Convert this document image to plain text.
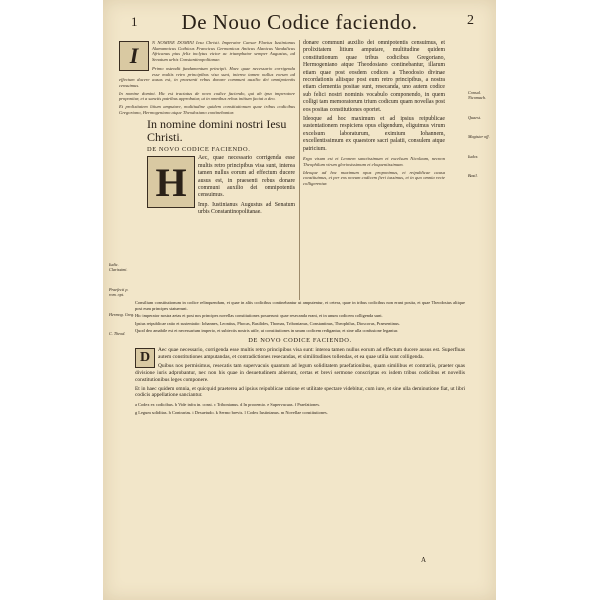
1	De Nouo Codice faciendo.	2
I

N NOMINE DOMINI Iesu Christi. Imperator Caesar Flavius Iustinianus Alamannicus Gothicus Francicus Germanicus Anticus Alanicus Vandalicus Africanus pius felix inclytus victor ac triumphator semper Augustus, ad Senatum urbis Constantinopolitanae.

Primo ostendit fundamentum principii. Haec quae necessario corrigenda esse multis retro principibus visa sunt, interea tamen nullus eorum ad effectum ducere ausus est, in praesenti rebus donare communi auxilio dei omnipotentis censuimus.

In nomine domini. Hic est tractatus de novo codice faciendo, qui ab ipso imperatore proponitur, et a sanctis patribus approbatur, ut in omnibus rebus initium faciat a deo.

Et prolixitatem litium amputare, multitudine quidem constitutionum quae tribus codicibus Gregoriano, Hermogeniano atque Theodosiano continebantur.

In nomine domini nostri Iesu Christi.
DE NOVO CODICE FACIENDO.
H

Aec, quae necessario corrigenda esse multis retro principibus visa sunt, interea tamen nullus eorum ad effectum ducere ausus est, in praesenti rebus donare communi auxilio dei omnipotentis censuimus.

Imp. Iustinianus Augustus ad Senatum urbis Constantinopolitanae.

Iudic. Clarissimi.
Praefecti p. rom. opt.
Hermog. Greg.
C. Theod.

donare communi auxilio dei omnipotentis censuimus, et prolixitatem litium amputare, multitudine quidem constitutionum quae tribus codicibus Gregoriano, Hermogeniano atque Theodosiano continebantur, illarum etiam quae post eosdem codices a Theodosio divinae recordationis aliisque post eum retro principibus, a nostra etiam clementia positae sunt, resecanda, uno autem codice sub felici nostri nominis vocabulo componendo, in quem colligi tam memoratorum trium codicum quam novellas post eos positas constitutiones oportet.

Ideoque ad hoc maximum et ad ipsius reipublicae sustentationem respiciens opus eligendum, eliguimus virum excelsum laboraturum, eximium Iohannem, excellentissimum ex quaestore sacri palatii, consulem atque patricium.

Ergo visum est et Leonem sanctissimum et excelsum Nicolaum, necnon Theophilum virum gloriosissimum et eloquentissimum.

Ideoque ad hoc maximum opus proponimus, et reipublicae causa constituimus, et per eos novum codicem fieri iussimus, et in quo omnia recte colligerentur.

Consul. Nicomach.
Quaest.
Magister off.
Iudex.
Basil.

Consilium constitutionum in codice relinquendum, et quae in aliis codicibus continebantur ut amputentur, et cetera, quae in tribus codicibus non erant posita, et quae Theodosius aliique post eum principes statuerunt.

Hic imperator nostra aetas et post nos principes novellas constitutiones posuerunt: quae resecanda erant, et in unum codicem colligenda sunt.

Ipsius reipublicae ratio et sustentatio: Iohannes, Leontius, Phocas, Basilides, Thomas, Tribonianus, Constantinus, Theophilus, Dioscorus, Praesentinus.

Quod deo amabile est et necessarium imperio, et subiectis nostris utile, ut constitutiones in unum codicem redigantur, et sine ulla confusione legantur.

DE NOVO CODICE FACIENDO.
D	Aec quae necessario, corrigenda esse multis retro principibus visa sunt: interea tamen nullus eorum ad effectum ducere ausus est. Superfluas autem constitutiones amputandas, et contradictiones resecandas, et similitudines tollendas, et ea quae utilia sunt colligenda.

Quibus nos permisimus, resecatis tam supervacuis quantum ad legum soliditatem praefationibus, quam similibus et contrariis, praeter quas divisione iuris adprobantur, nec non his quae in desuetudinem abierunt, certas et brevi sermone conscriptas ex isdem tribus codicibus et novellis constitutionibus leges componere.

Et in haec quidem omnia, et quicquid praeterea ad ipsius reipublicae ratione et utilitate spectare videbitur, cum iure, et sine ulla deminutione fiat, ut libri codicis appellatione sanciantur.

a Codex ex codicibus. b Vide infra in. const. c Tribonianus. d In prooemio. e Supervacuas. f Praefationes.

g Legum soliditas. h Contrarias. i Desuetudo. k Sermo brevis. l Codex Iustinianus. m Novellae constitutiones.

A
